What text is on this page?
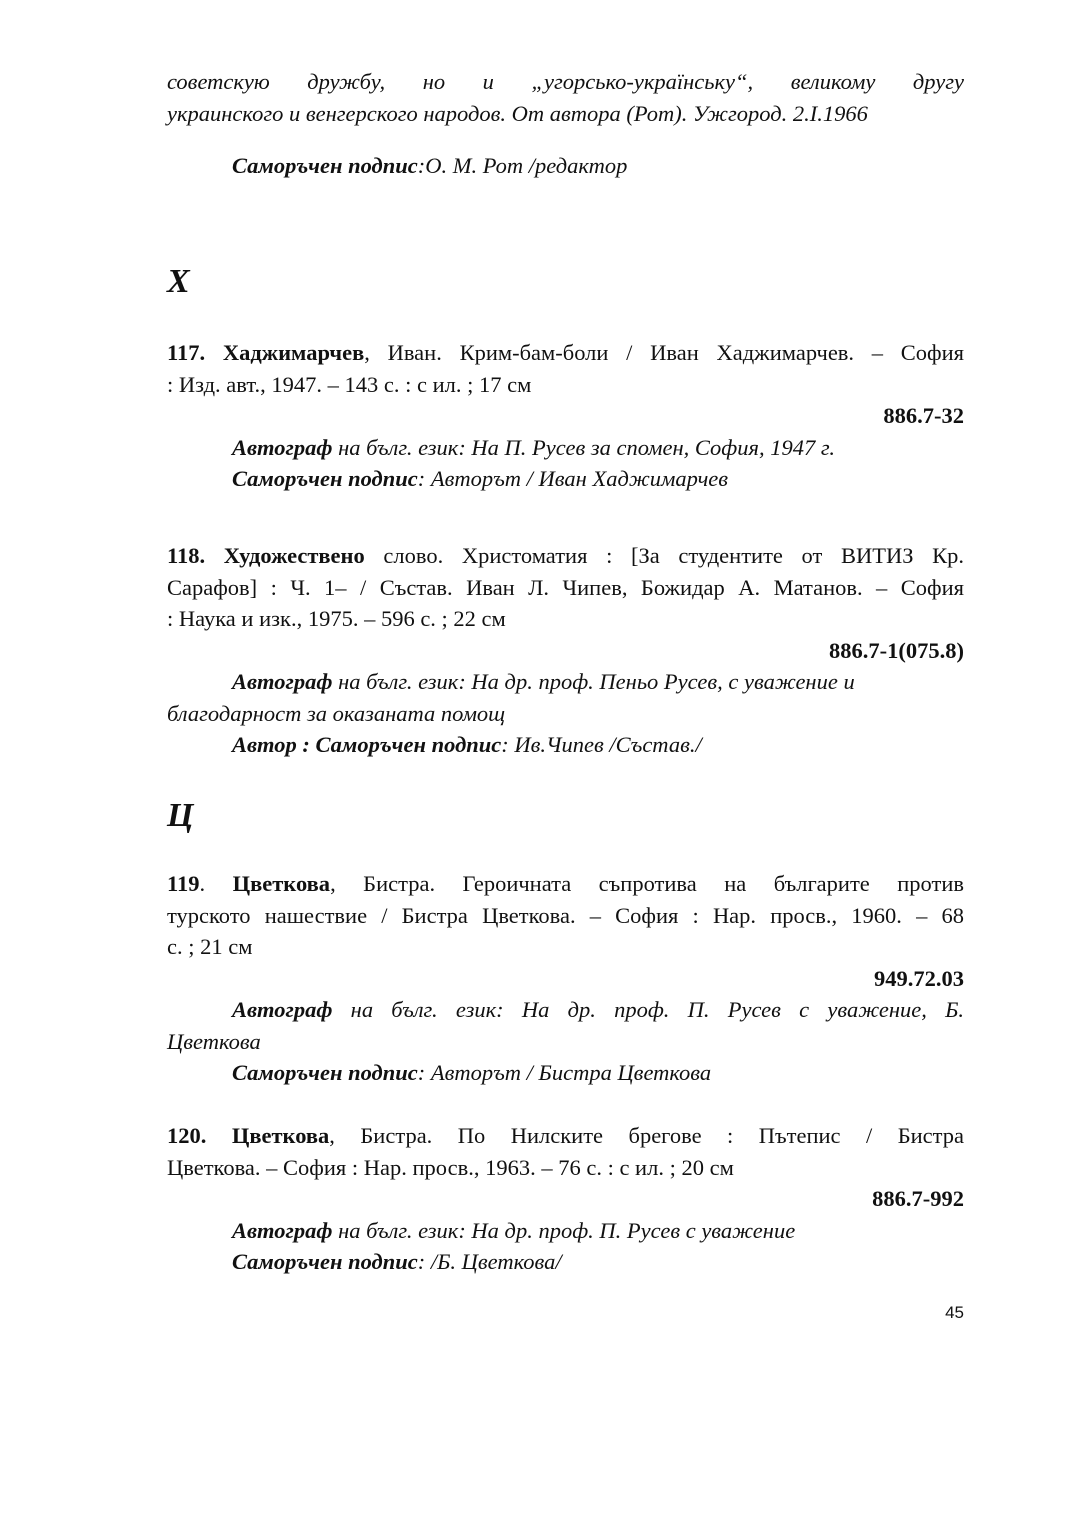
советскую дружбу, но и „угорсько-українську“, великому другу

украинского и венгерского народов. От автора (Рот). Ужгород. 2.I.1966

Саморъчен подпис:О. М. Рот /редактор

Х

117. Хаджимарчев, Иван. Крим-бам-боли / Иван Хаджимарчев. – София

: Изд. авт., 1947. – 143 с. : с ил. ; 17 см

886.7-32

Автограф на бълг. език: На П. Русев за спомен, София, 1947 г.

Саморъчен подпис: Авторът / Иван Хаджимарчев

118. Художествено слово. Христоматия : [За студентите от ВИТИЗ Кр.

Сарафов] : Ч. 1– / Състав. Иван Л. Чипев, Божидар А. Матанов. – София

: Наука и изк., 1975. – 596 с. ; 22 см

886.7-1(075.8)

Автограф на бълг. език: На др. проф. Пеньо Русев, с уважение и

благодарност за оказаната помощ

Автор : Саморъчен подпис: Ив.Чипев /Състав./

Ц

119. Цветкова, Бистра. Героичната съпротива на българите против

турското нашествие / Бистра Цветкова. – София : Нар. просв., 1960. – 68

с. ; 21 см

949.72.03

Автограф на бълг. език: На др. проф. П. Русев с уважение, Б.

Цветкова

Саморъчен подпис: Авторът / Бистра Цветкова

120. Цветкова, Бистра. По Нилските брегове : Пътепис / Бистра

Цветкова. – София : Нар. просв., 1963. – 76 с. : с ил. ; 20 см

886.7-992

Автограф на бълг. език: На др. проф. П. Русев с уважение

Саморъчен подпис: /Б. Цветкова/

45
